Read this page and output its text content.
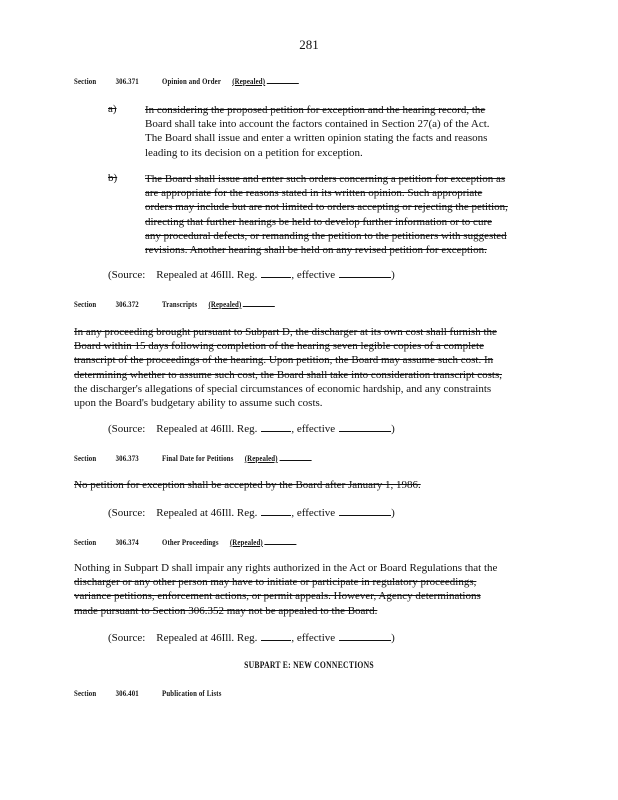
281
Section 306.371	Opinion and Order (Repealed)
a)	In considering the proposed petition for exception and the hearing record, the
Board shall take into account the factors contained in Section 27(a) of the Act.
The Board shall issue and enter a written opinion stating the facts and reasons
leading to its decision on a petition for exception.
b)	The Board shall issue and enter such orders concerning a petition for exception as
are appropriate for the reasons stated in its written opinion. Such appropriate
orders may include but are not limited to orders accepting or rejecting the petition,
directing that further hearings be held to develop further information or to cure
any procedural defects, or remanding the petition to the petitioners with suggested
revisions. Another hearing shall be held on any revised petition for exception.
(Source: Repealed at 46Ill. Reg.	, effective	)
Section 306.372	Transcripts (Repealed)
In any proceeding brought pursuant to Subpart D, the discharger at its own cost shall furnish the
Board within 15 days following completion of the hearing seven legible copies of a complete
transcript of the proceedings of the hearing. Upon petition, the Board may assume such cost. In
determining whether to assume such cost, the Board shall take into consideration transcript costs,
the discharger's allegations of special circumstances of economic hardship, and any constraints
upon the Board's budgetary ability to assume such costs.
(Source: Repealed at 46Ill. Reg.	, effective	)
Section 306.373	Final Date for Petitions (Repealed)
No petition for exception shall be accepted by the Board after January 1, 1986.
(Source: Repealed at 46Ill. Reg.	, effective	)
Section 306.374	Other Proceedings (Repealed)
Nothing in Subpart D shall impair any rights authorized in the Act or Board Regulations that the
discharger or any other person may have to initiate or participate in regulatory proceedings,
variance petitions, enforcement actions, or permit appeals. However, Agency determinations
made pursuant to Section 306.352 may not be appealed to the Board.
(Source: Repealed at 46Ill. Reg.	, effective	)
SUBPART E: NEW CONNECTIONS
Section 306.401	Publication of Lists
